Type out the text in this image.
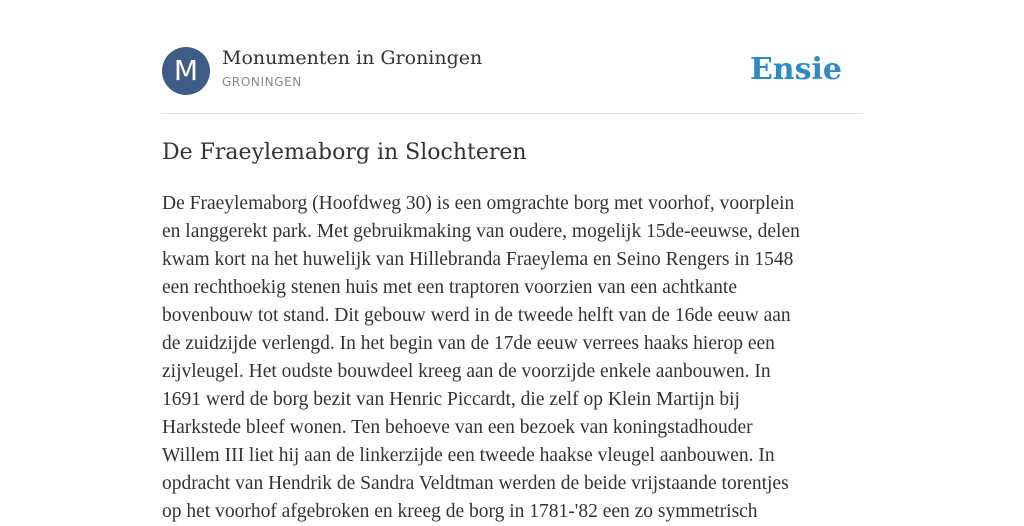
M	Monumenten in Groningen
GRONINGEN	Ensie
De Fraeylemaborg in Slochteren

De Fraeylemaborg (Hoofdweg 30) is een omgrachte borg met voorhof, voorplein
en langgerekt park. Met gebruikmaking van oudere, mogelijk 15de-eeuwse, delen
kwam kort na het huwelijk van Hillebranda Fraeylema en Seino Rengers in 1548
een rechthoekig stenen huis met een traptoren voorzien van een achtkante
bovenbouw tot stand. Dit gebouw werd in de tweede helft van de 16de eeuw aan
de zuidzijde verlengd. In het begin van de 17de eeuw verrees haaks hierop een
zijvleugel. Het oudste bouwdeel kreeg aan de voorzijde enkele aanbouwen. In
1691 werd de borg bezit van Henric Piccardt, die zelf op Klein Martijn bij
Harkstede bleef wonen. Ten behoeve van een bezoek van koningstadhouder
Willem III liet hij aan de linkerzijde een tweede haakse vleugel aanbouwen. In
opdracht van Hendrik de Sandra Veldtman werden de beide vrijstaande torentjes
op het voorhof afgebroken en kreeg de borg in 1781-'82 een zo symmetrisch
